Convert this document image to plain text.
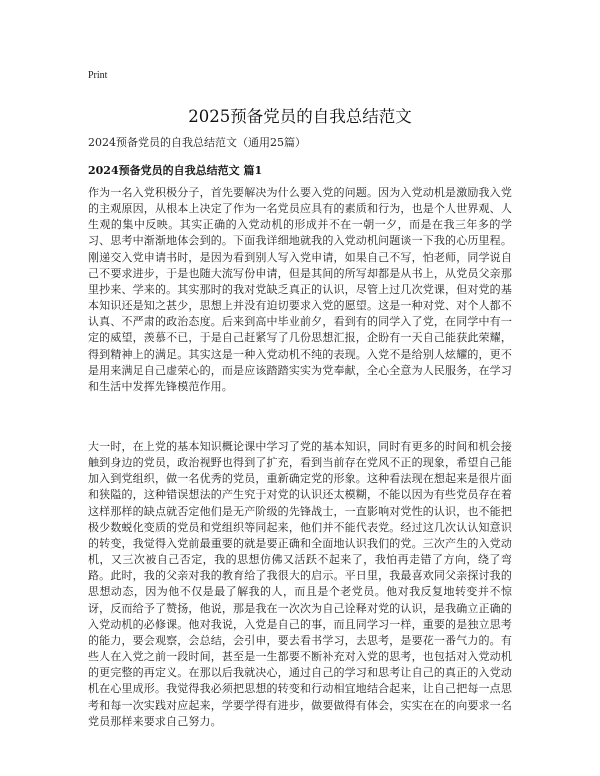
Print
2025预备党员的自我总结范文
2024预备党员的自我总结范文（通用25篇）
2024预备党员的自我总结范文 篇1

作为一名入党积极分子，首先要解决为什么要入党的问题。因为入党动机是激励我入党的主观原因，从根本上决定了作为一名党员应具有的素质和行为，也是个人世界观、人生观的集中反映。其实正确的入党动机的形成并不在一朝一夕，而是在我三年多的学习、思考中渐渐地体会到的。下面我详细地就我的入党动机问题谈一下我的心历里程。刚递交入党申请书时，是因为看到别人写入党申请，如果自己不写，怕老师，同学说自己不要求进步，于是也随大流写份申请，但是其间的所写却都是从书上，从党员父亲那里抄来、学来的。其实那时的我对党缺乏真正的认识，尽管上过几次党课，但对党的基本知识还是知之甚少，思想上并没有迫切要求入党的愿望。这是一种对党、对个人都不认真、不严肃的政治态度。后来到高中毕业前夕，看到有的同学入了党，在同学中有一定的威望，羡慕不已，于是自己赶紧写了几份思想汇报，企盼有一天自己能获此荣耀，得到精神上的满足。其实这是一种入党动机不纯的表现。入党不是给别人炫耀的，更不是用来满足自己虚荣心的，而是应该踏踏实实为党奉献，全心全意为人民服务，在学习和生活中发挥先锋模范作用。

大一时，在上党的基本知识概论课中学习了党的基本知识，同时有更多的时间和机会接触到身边的党员，政治视野也得到了扩充，看到当前存在党风不正的现象，希望自己能加入到党组织，做一名优秀的党员，重新确定党的形象。这种看法现在想起来是很片面和狭隘的，这种错误想法的产生究于对党的认识还太模糊，不能以因为有些党员存在着这样那样的缺点就否定他们是无产阶级的先锋战士，一直影响对党性的认识，也不能把极少数蜕化变质的党员和党组织等同起来，他们并不能代表党。经过这几次认认知意识的转变，我觉得入党前最重要的就是要正确和全面地认识我们的党。三次产生的入党动机，又三次被自己否定，我的思想仿佛又活跃不起来了，我怕再走错了方向，绕了弯路。此时，我的父亲对我的教育给了我很大的启示。平日里，我最喜欢同父亲探讨我的思想动态，因为他不仅是最了解我的人，而且是个老党员。他对我反复地转变并不惊讶，反而给予了赞扬，他说，那是我在一次次为自己诠释对党的认识，是我确立正确的入党动机的必修课。他对我说，入党是自己的事，而且同学习一样，重要的是独立思考的能力，要会观察，会总结，会引申，要去看书学习，去思考，是要花一番气力的。有些人在入党之前一段时间，甚至是一生都要不断补充对入党的思考，也包括对入党动机的更完整的再定义。在那以后我就决心，通过自己的学习和思考让自己的真正的入党动机在心里成形。我觉得我必须把思想的转变和行动相宜地结合起来，让自己把每一点思考和每一次实践对应起来，学要学得有进步，做要做得有体会，实实在在的向要求一名党员那样来要求自己努力。
